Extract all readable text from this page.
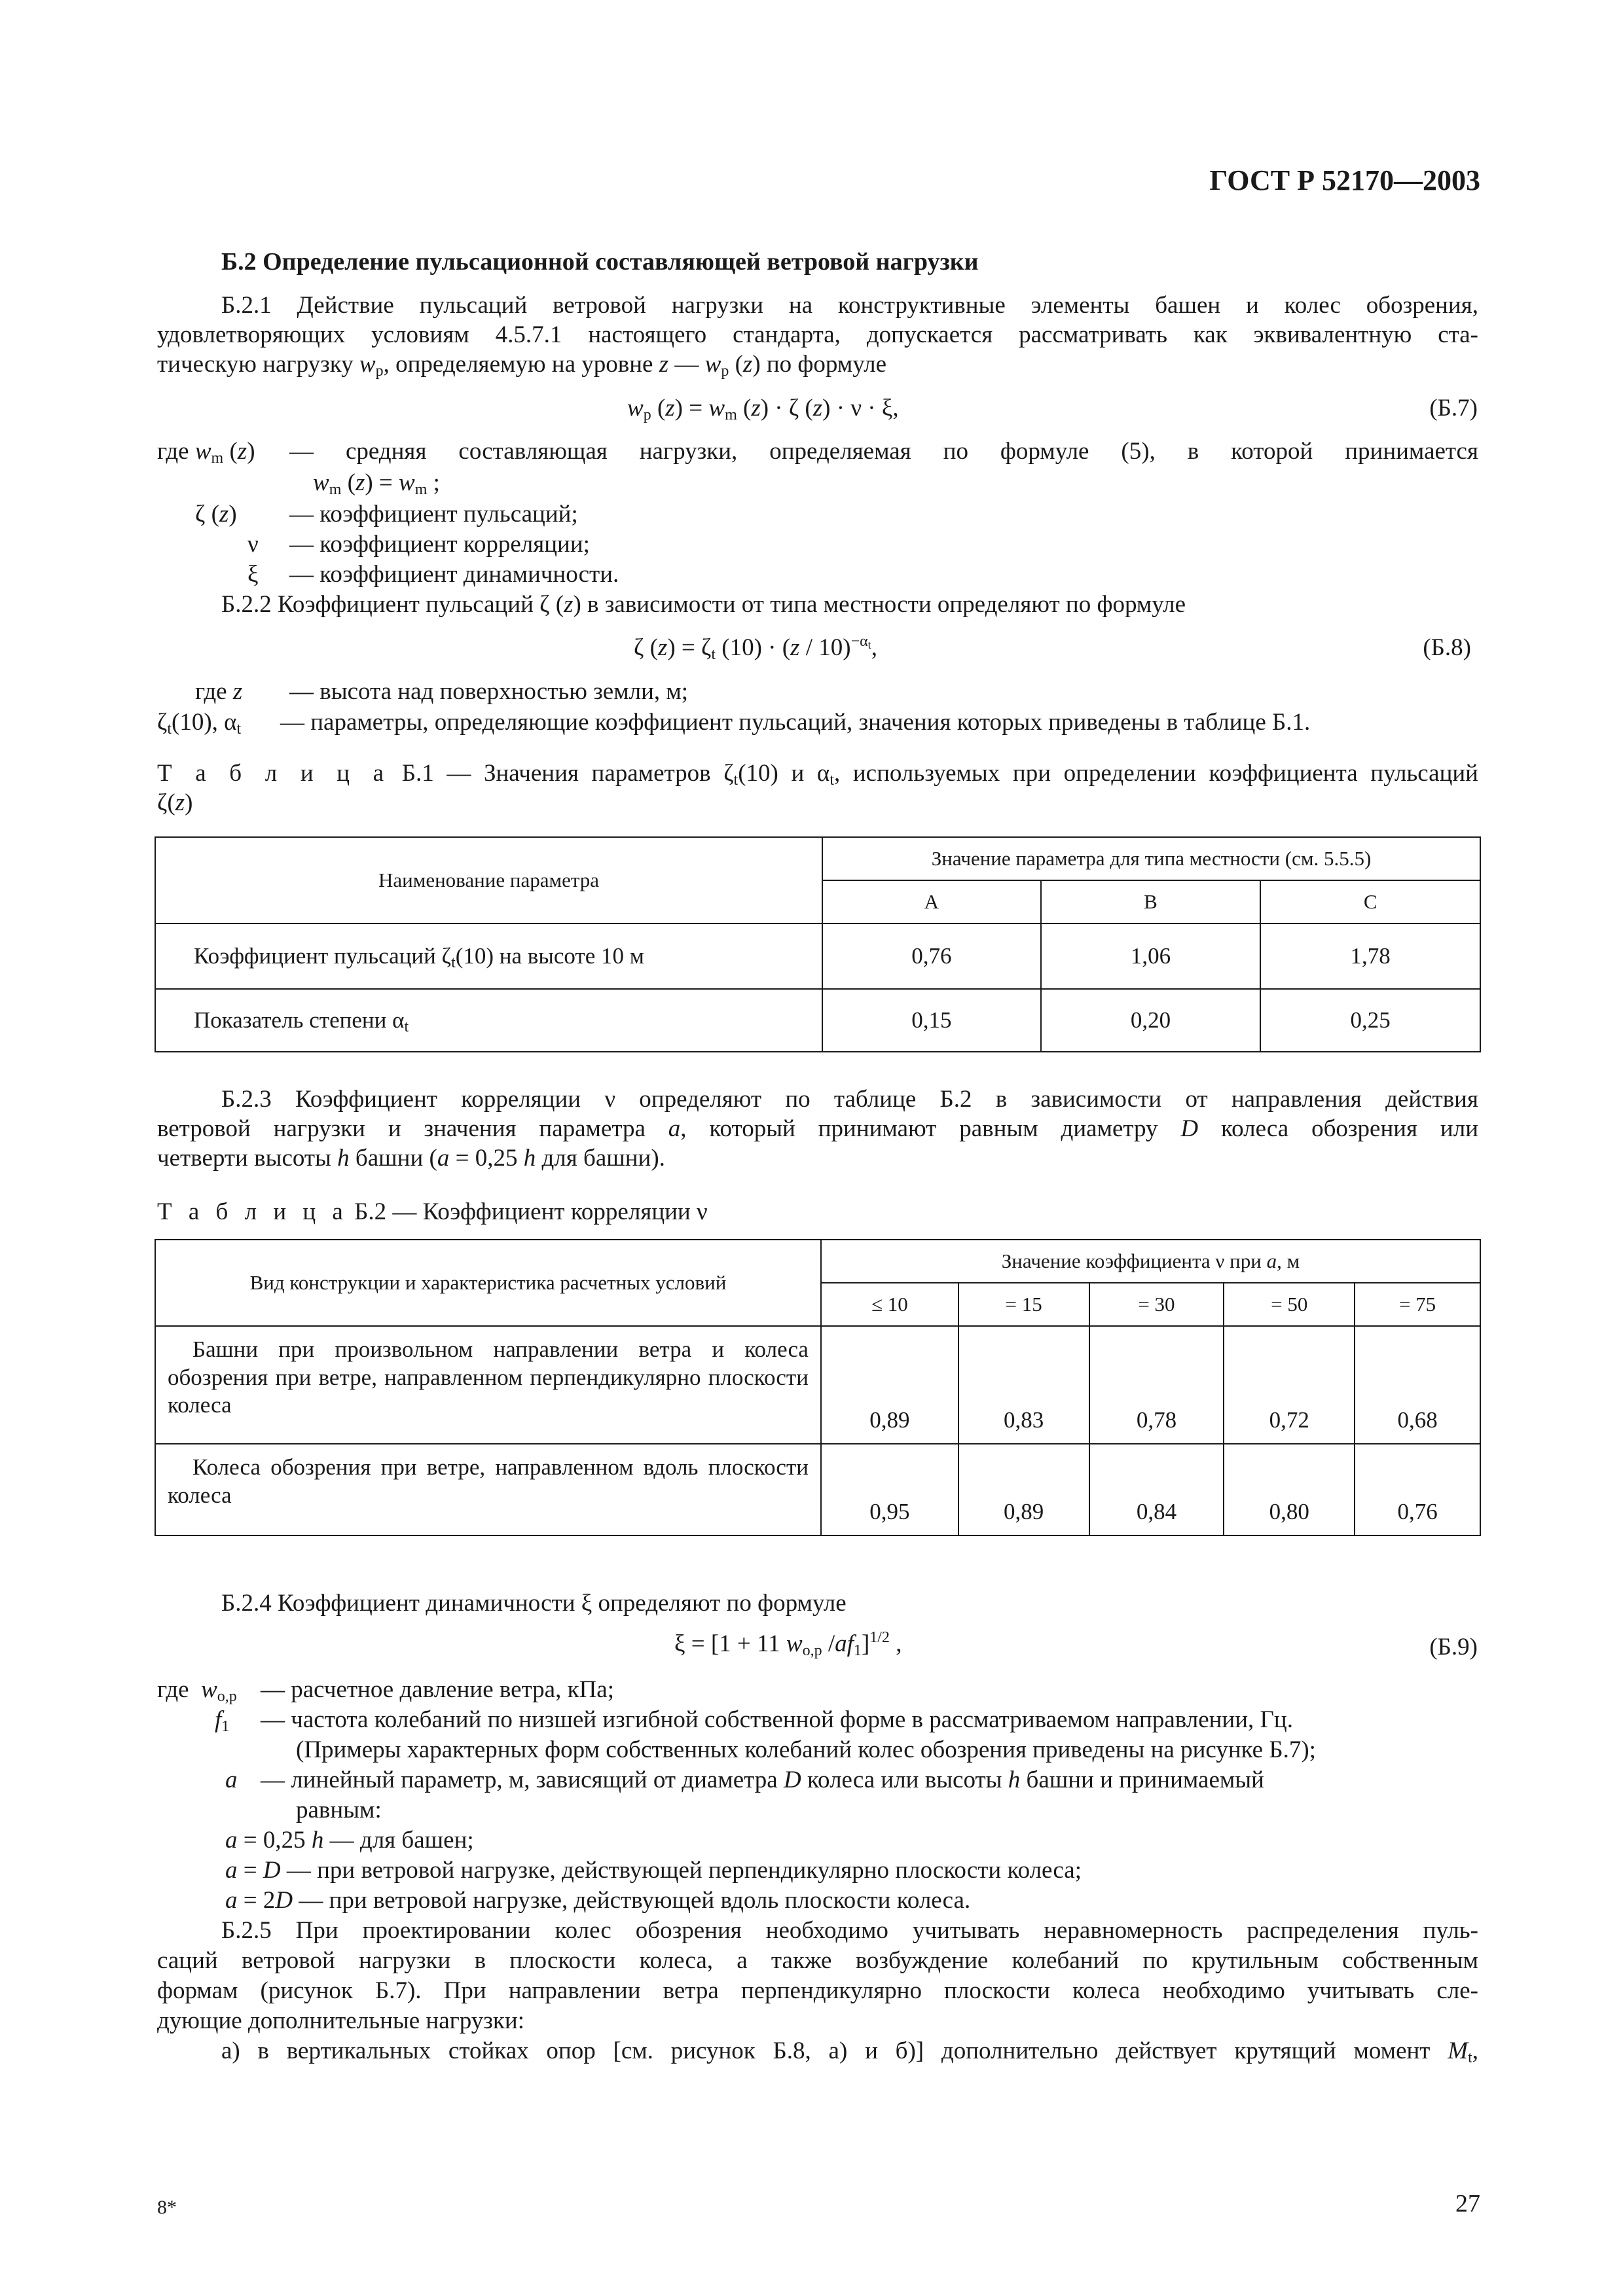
ГОСТ Р 52170—2003
Б.2 Определение пульсационной составляющей ветровой нагрузки
Б.2.1 Действие пульсаций ветровой нагрузки на конструктивные элементы башен и колес обозрения,
удовлетворяющих условиям 4.5.7.1 настоящего стандарта, допускается рассматривать как эквивалентную ста-
тическую нагрузку $w_p$, определяемую на уровне z — $w_p$ (z) по формуле
$w_p$ $(z) = w_m$ (z) · ζ (z) · ν · ξ,	(Б.7)
где $w_m$ (z) — средняя составляющая нагрузки, определяемая по формуле (5), в которой принимается
$w_m$ $(z) = w_m$ ;
ζ (z) — коэффициент пульсаций;
ν — коэффициент корреляции;
ξ — коэффициент динамичности.
Б.2.2 Коэффициент пульсаций ζ (z) в зависимости от типа местности определяют по формуле
ζ $(z) = \zeta_t$ (10) · (z / 10)$^{-\alpha_t}$,	(Б.8)
где z — высота над поверхностью земли, м;
$\zeta_t(10)$, $\alpha_t$ — параметры, определяющие коэффициент пульсаций, значения которых приведены в таблице Б.1.
Т а б л и ц а Б.1 — Значения параметров $\zeta_t(10)$ и $\alpha_t$, используемых при определении коэффициента пульсаций
ζ(z)
Наименование параметра	Значение параметра для типа местности (см. 5.5.5)		
	A	B	C
Коэффициент пульсаций $\zeta_t(10)$ на высоте 10 м	0,76	1,06	1,78
Показатель степени $\alpha_t$	0,15	0,20	0,25
Б.2.3 Коэффициент корреляции ν определяют по таблице Б.2 в зависимости от направления действия
ветровой нагрузки и значения параметра a, который принимают равным диаметру D колеса обозрения или
четверти высоты h башни (a = 0,25 h для башни).
Т а б л и ц а Б.2 — Коэффициент корреляции ν
Вид конструкции и характеристика расчетных условий	Значение коэффициента ν при a, м				
	≤ 10	= 15	= 30	= 50	= 75
Башни при произвольном направлении ветра и колеса обозрения при ветре, направленном перпендикулярно плоскости колеса	0,89	0,83	0,78	0,72	0,68
Колеса обозрения при ветре, направленном вдоль плоскости колеса	0,95	0,89	0,84	0,80	0,76
Б.2.4 Коэффициент динамичности ξ определяют по формуле
ξ = [1 + 11 $w_{o,p}$ $/af_1]^{1/2}$ ,	(Б.9)
где  $w_{o,p}$ — расчетное давление ветра, кПа;
$f_1$ — частота колебаний по низшей изгибной собственной форме в рассматриваемом направлении, Гц.
(Примеры характерных форм собственных колебаний колес обозрения приведены на рисунке Б.7);
a — линейный параметр, м, зависящий от диаметра D колеса или высоты h башни и принимаемый
равным:
a = 0,25 h — для башен;
a = D — при ветровой нагрузке, действующей перпендикулярно плоскости колеса;
a = 2D — при ветровой нагрузке, действующей вдоль плоскости колеса.
Б.2.5 При проектировании колес обозрения необходимо учитывать неравномерность распределения пуль-
саций ветровой нагрузки в плоскости колеса, а также возбуждение колебаний по крутильным собственным
формам (рисунок Б.7). При направлении ветра перпендикулярно плоскости колеса необходимо учитывать сле-
дующие дополнительные нагрузки:
а) в вертикальных стойках опор [см. рисунок Б.8, а) и б)] дополнительно действует крутящий момент $M_t$,
8*	27
